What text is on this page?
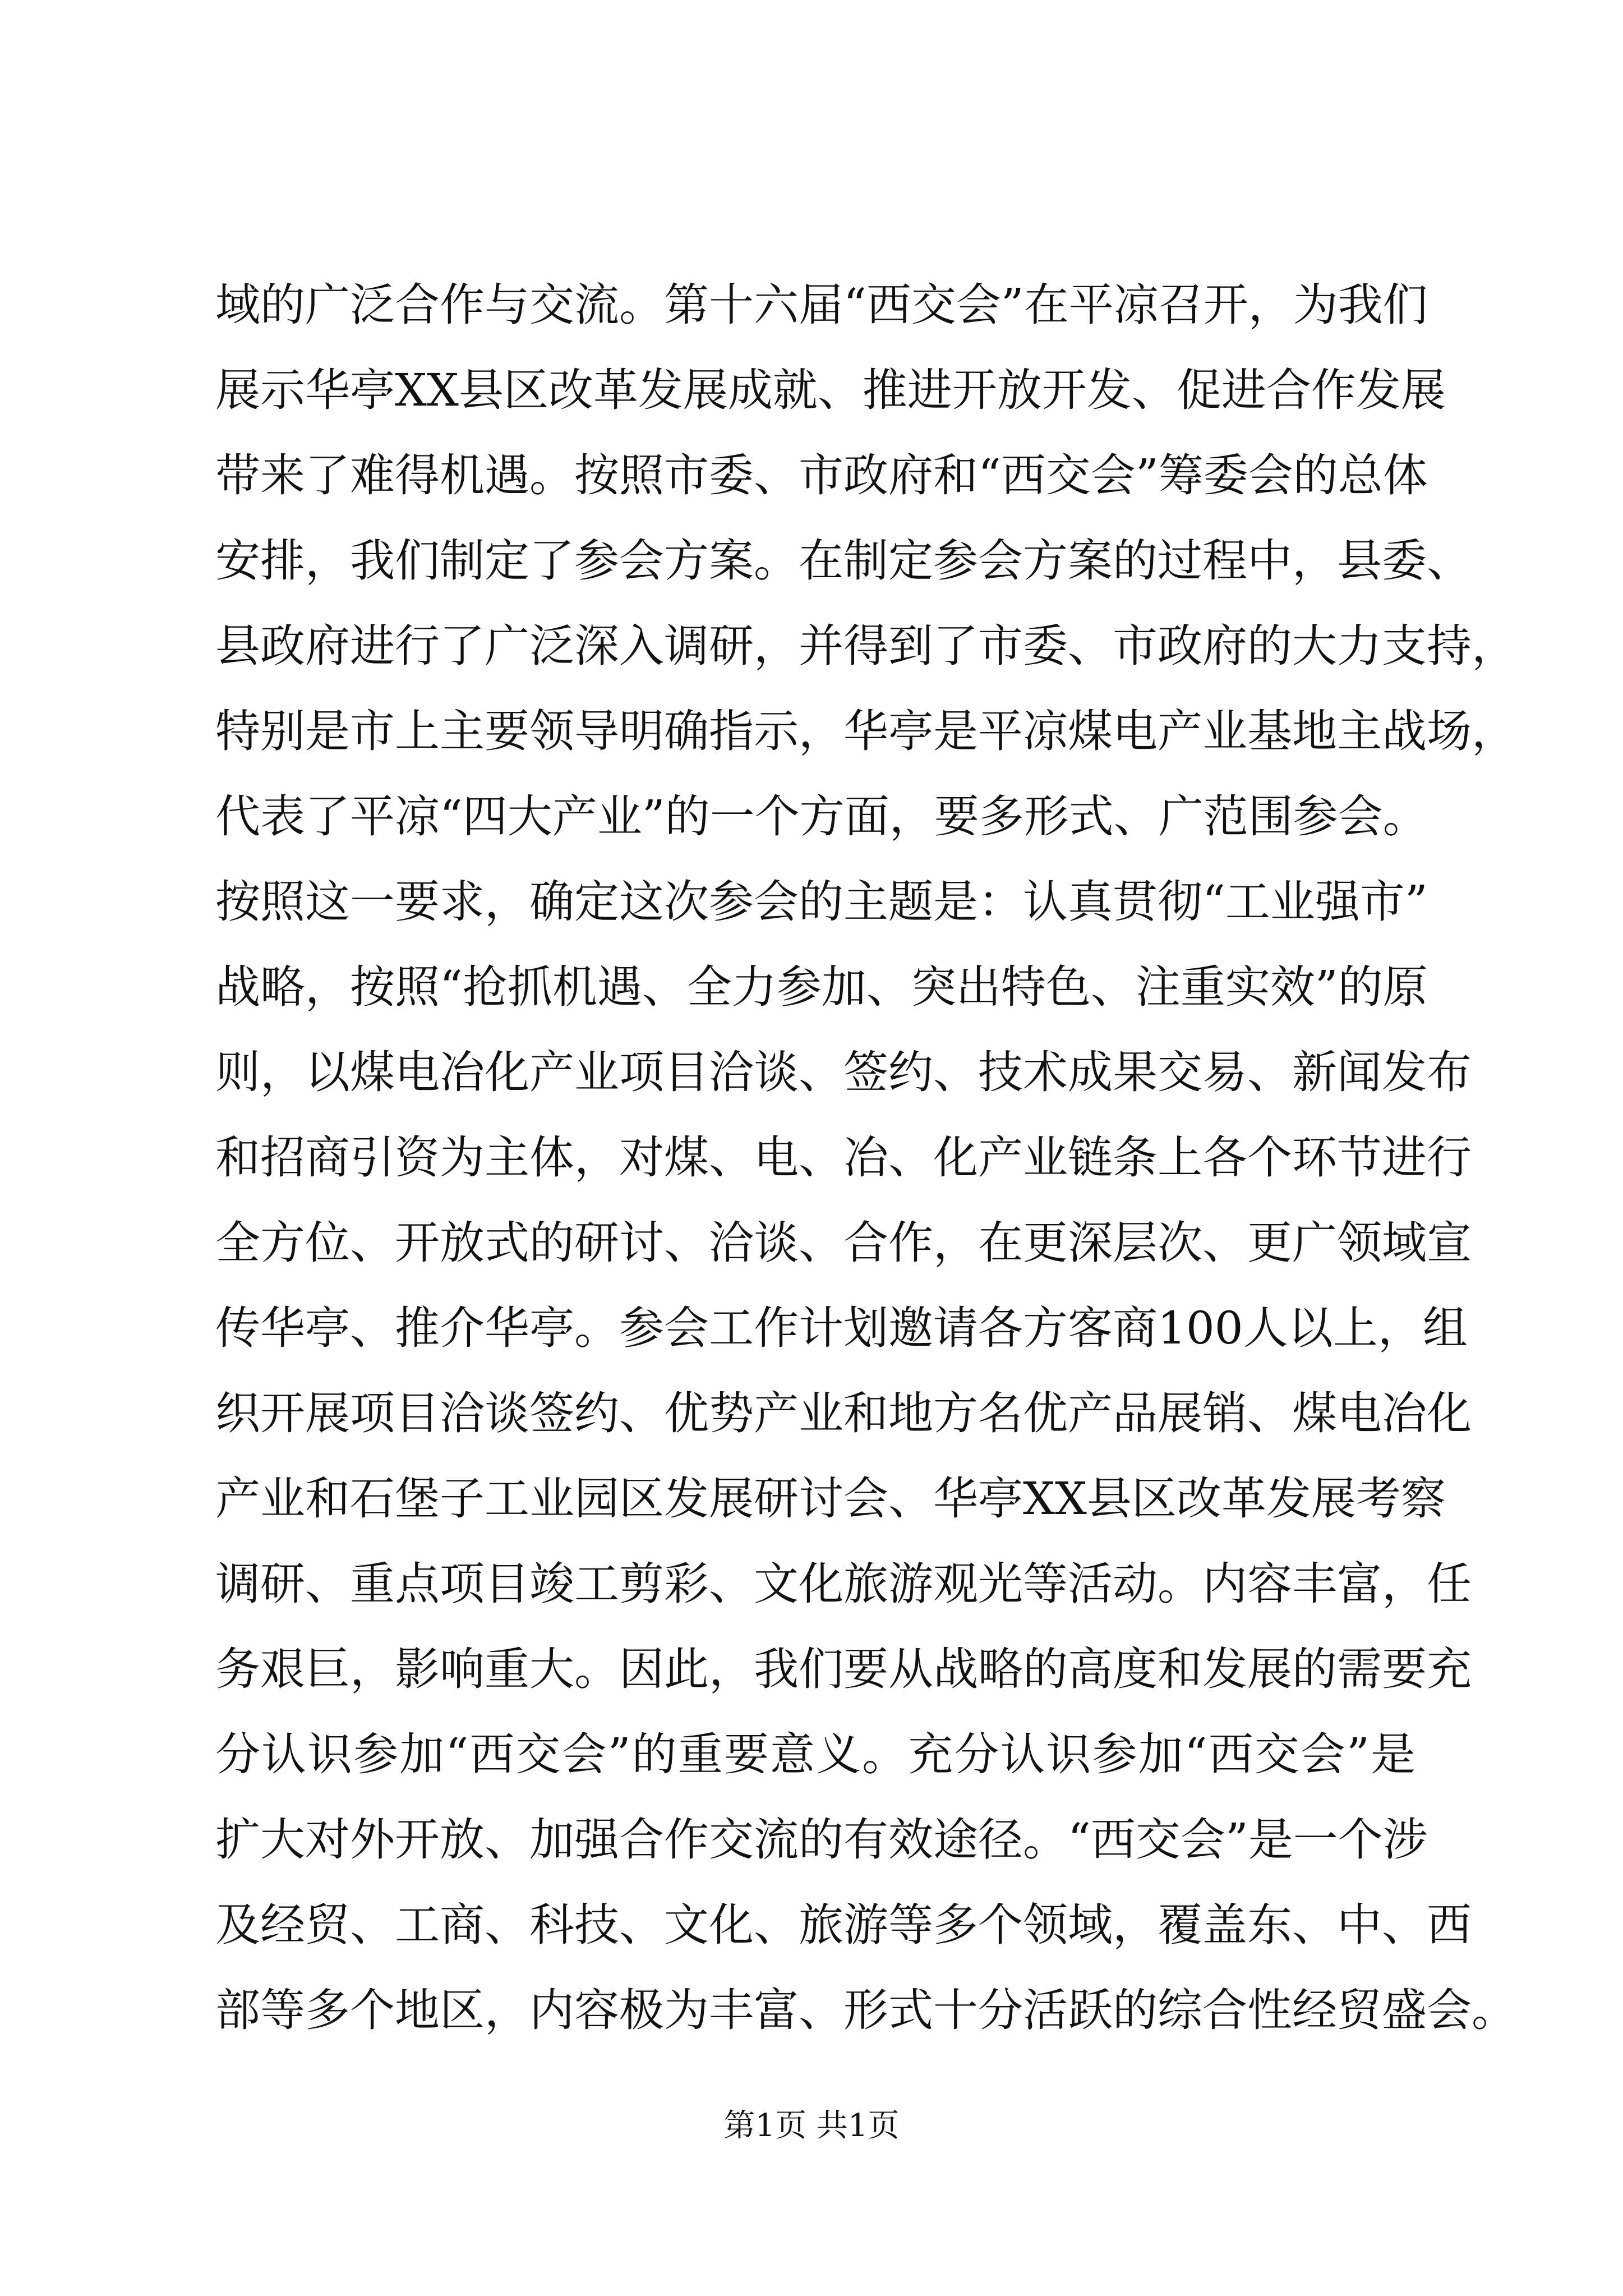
域的广泛合作与交流。第十六届“西交会”在平凉召开，为我们
展示华亭XX县区改革发展成就、推进开放开发、促进合作发展
带来了难得机遇。按照市委、市政府和“西交会”筹委会的总体
安排，我们制定了参会方案。在制定参会方案的过程中，县委、
县政府进行了广泛深入调研，并得到了市委、市政府的大力支持，
特别是市上主要领导明确指示，华亭是平凉煤电产业基地主战场，
代表了平凉“四大产业”的一个方面，要多形式、广范围参会。
按照这一要求，确定这次参会的主题是：认真贯彻“工业强市”
战略，按照“抢抓机遇、全力参加、突出特色、注重实效”的原
则，以煤电冶化产业项目洽谈、签约、技术成果交易、新闻发布
和招商引资为主体，对煤、电、冶、化产业链条上各个环节进行
全方位、开放式的研讨、洽谈、合作，在更深层次、更广领域宣
传华亭、推介华亭。参会工作计划邀请各方客商100人以上，组
织开展项目洽谈签约、优势产业和地方名优产品展销、煤电冶化
产业和石堡子工业园区发展研讨会、华亭XX县区改革发展考察
调研、重点项目竣工剪彩、文化旅游观光等活动。内容丰富，任
务艰巨，影响重大。因此，我们要从战略的高度和发展的需要充
分认识参加“西交会”的重要意义。充分认识参加“西交会”是
扩大对外开放、加强合作交流的有效途径。“西交会”是一个涉
及经贸、工商、科技、文化、旅游等多个领域，覆盖东、中、西
部等多个地区，内容极为丰富、形式十分活跃的综合性经贸盛会。
第1页 共1页
